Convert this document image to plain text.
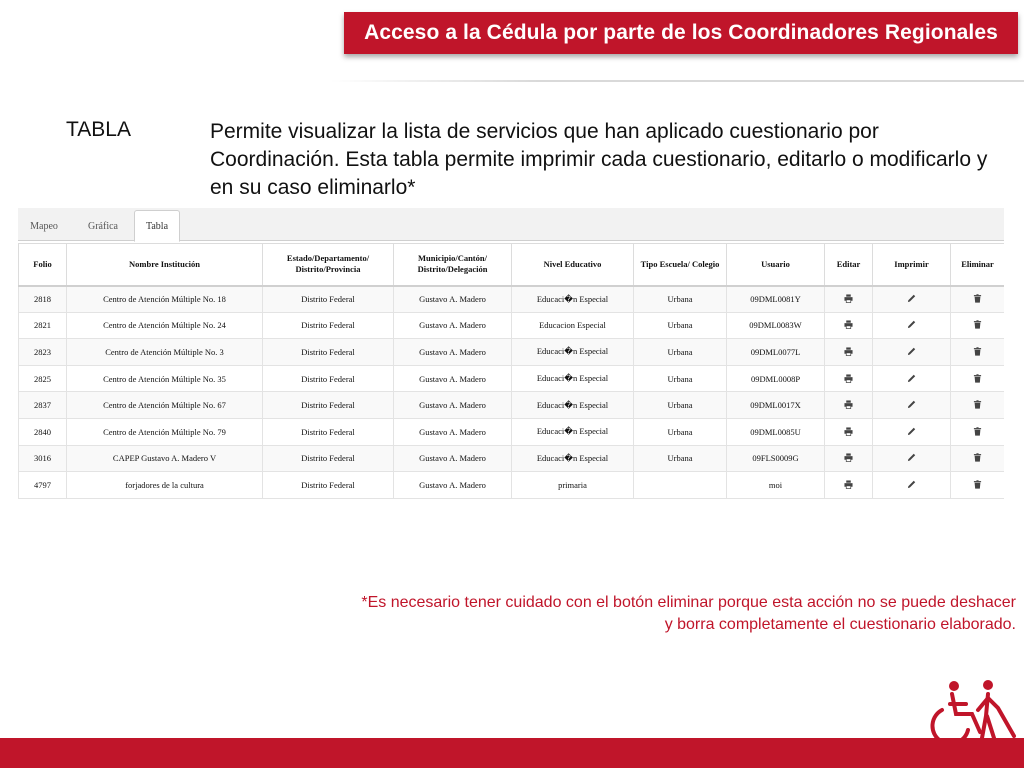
Acceso a la Cédula por parte de los Coordinadores Regionales
TABLA	Permite visualizar la lista de servicios que han aplicado cuestionario por Coordinación. Esta tabla permite imprimir cada cuestionario, editarlo o modificarlo y en su caso eliminarlo*
Mapeo	Gráfica	Tabla
Folio	Nombre Institución	Estado/Departamento/ Distrito/Provincia	Municipio/Cantón/ Distrito/Delegación	Nivel Educativo	Tipo Escuela/ Colegio	Usuario	Editar	Imprimir	Eliminar
2818	Centro de Atención Múltiple No. 18	Distrito Federal	Gustavo A. Madero	Educaci�n Especial	Urbana	09DML0081Y	

2821	Centro de Atención Múltiple No. 24	Distrito Federal	Gustavo A. Madero	Educacion Especial	Urbana	09DML0083W	

2823	Centro de Atención Múltiple No. 3	Distrito Federal	Gustavo A. Madero	Educaci�n Especial	Urbana	09DML0077L	

2825	Centro de Atención Múltiple No. 35	Distrito Federal	Gustavo A. Madero	Educaci�n Especial	Urbana	09DML0008P	

2837	Centro de Atención Múltiple No. 67	Distrito Federal	Gustavo A. Madero	Educaci�n Especial	Urbana	09DML0017X	

2840	Centro de Atención Múltiple No. 79	Distrito Federal	Gustavo A. Madero	Educaci�n Especial	Urbana	09DML0085U	

3016	CAPEP Gustavo A. Madero V	Distrito Federal	Gustavo A. Madero	Educaci�n Especial	Urbana	09FLS0009G	

4797	forjadores de la cultura	Distrito Federal	Gustavo A. Madero	primaria		moi	

*Es necesario tener cuidado con el botón eliminar porque esta acción no se puede deshacer
y borra completamente el cuestionario elaborado.
